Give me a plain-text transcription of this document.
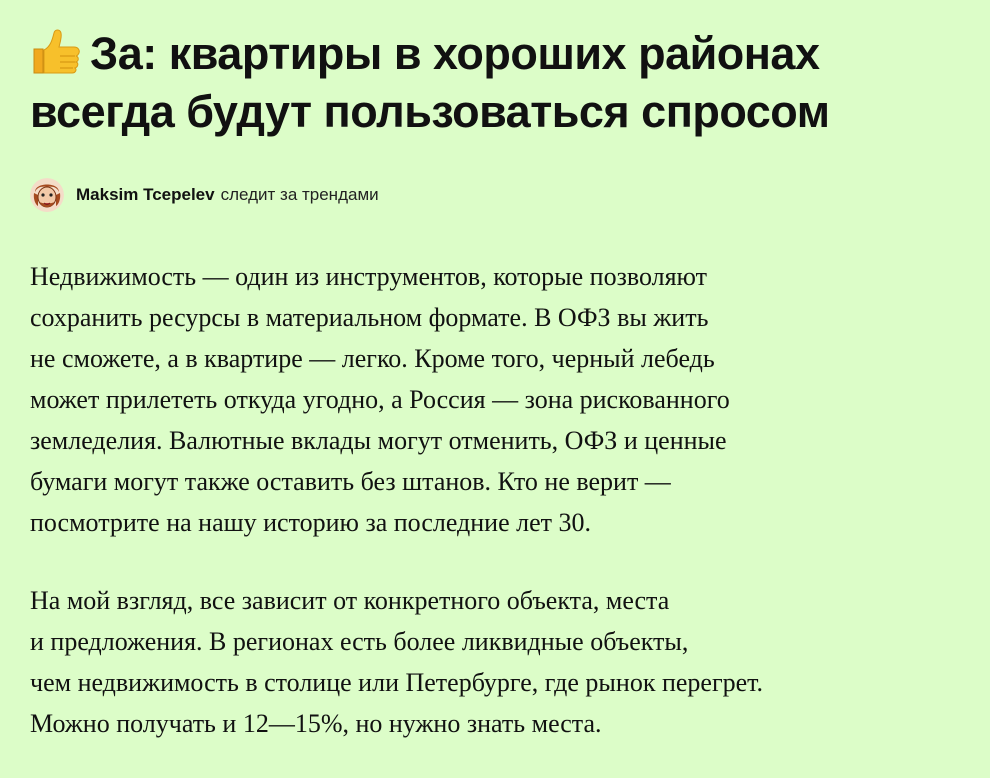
За: квартиры в хороших районах
всегда будут пользоваться спросом
Maksim Tcepelev следит за трендами

Недвижимость — один из инструментов, которые позволяют
сохранить ресурсы в материальном формате. В ОФЗ вы жить
не сможете, а в квартире — легко. Кроме того, черный лебедь
может прилететь откуда угодно, а Россия — зона рискованного
земледелия. Валютные вклады могут отменить, ОФЗ и ценные
бумаги могут также оставить без штанов. Кто не верит —
посмотрите на нашу историю за последние лет 30.

На мой взгляд, все зависит от конкретного объекта, места
и предложения. В регионах есть более ликвидные объекты,
чем недвижимость в столице или Петербурге, где рынок перегрет.
Можно получать и 12—15%, но нужно знать места.
